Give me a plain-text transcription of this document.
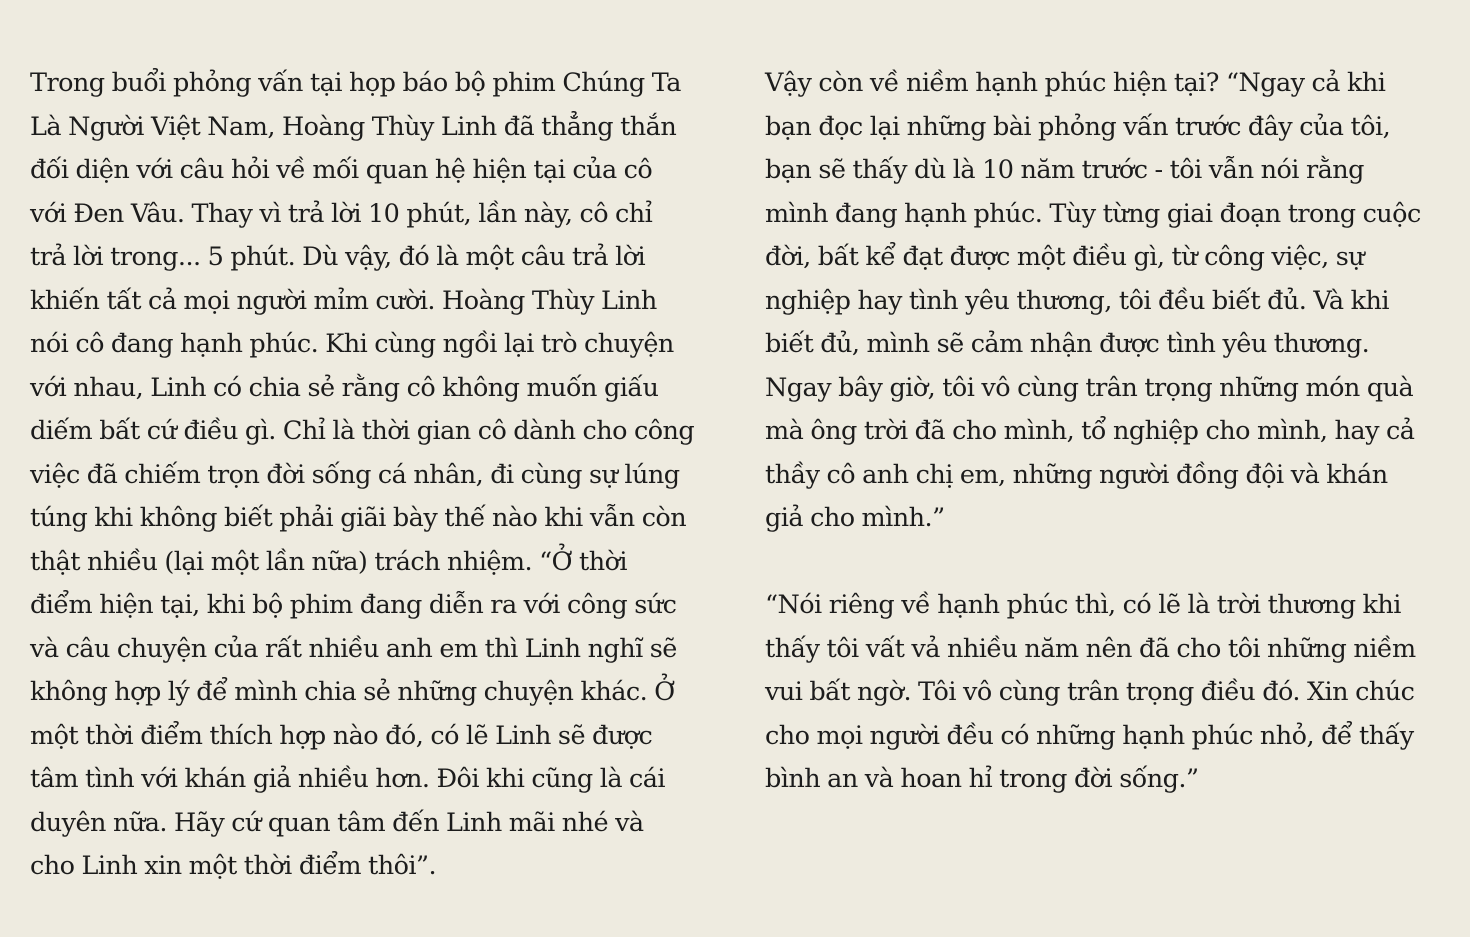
Trong buổi phỏng vấn tại họp báo bộ phim Chúng Ta
Là Người Việt Nam, Hoàng Thùy Linh đã thẳng thắn
đối diện với câu hỏi về mối quan hệ hiện tại của cô
với Đen Vâu. Thay vì trả lời 10 phút, lần này, cô chỉ
trả lời trong... 5 phút. Dù vậy, đó là một câu trả lời
khiến tất cả mọi người mỉm cười. Hoàng Thùy Linh
nói cô đang hạnh phúc. Khi cùng ngồi lại trò chuyện
với nhau, Linh có chia sẻ rằng cô không muốn giấu
diếm bất cứ điều gì. Chỉ là thời gian cô dành cho công
việc đã chiếm trọn đời sống cá nhân, đi cùng sự lúng
túng khi không biết phải giãi bày thế nào khi vẫn còn
thật nhiều (lại một lần nữa) trách nhiệm. “Ở thời
điểm hiện tại, khi bộ phim đang diễn ra với công sức
và câu chuyện của rất nhiều anh em thì Linh nghĩ sẽ
không hợp lý để mình chia sẻ những chuyện khác. Ở
một thời điểm thích hợp nào đó, có lẽ Linh sẽ được
tâm tình với khán giả nhiều hơn. Đôi khi cũng là cái
duyên nữa. Hãy cứ quan tâm đến Linh mãi nhé và
cho Linh xin một thời điểm thôi”.
Vậy còn về niềm hạnh phúc hiện tại? “Ngay cả khi
bạn đọc lại những bài phỏng vấn trước đây của tôi,
bạn sẽ thấy dù là 10 năm trước - tôi vẫn nói rằng
mình đang hạnh phúc. Tùy từng giai đoạn trong cuộc
đời, bất kể đạt được một điều gì, từ công việc, sự
nghiệp hay tình yêu thương, tôi đều biết đủ. Và khi
biết đủ, mình sẽ cảm nhận được tình yêu thương.
Ngay bây giờ, tôi vô cùng trân trọng những món quà
mà ông trời đã cho mình, tổ nghiệp cho mình, hay cả
thầy cô anh chị em, những người đồng đội và khán
giả cho mình.”
“Nói riêng về hạnh phúc thì, có lẽ là trời thương khi
thấy tôi vất vả nhiều năm nên đã cho tôi những niềm
vui bất ngờ. Tôi vô cùng trân trọng điều đó. Xin chúc
cho mọi người đều có những hạnh phúc nhỏ, để thấy
bình an và hoan hỉ trong đời sống.”
